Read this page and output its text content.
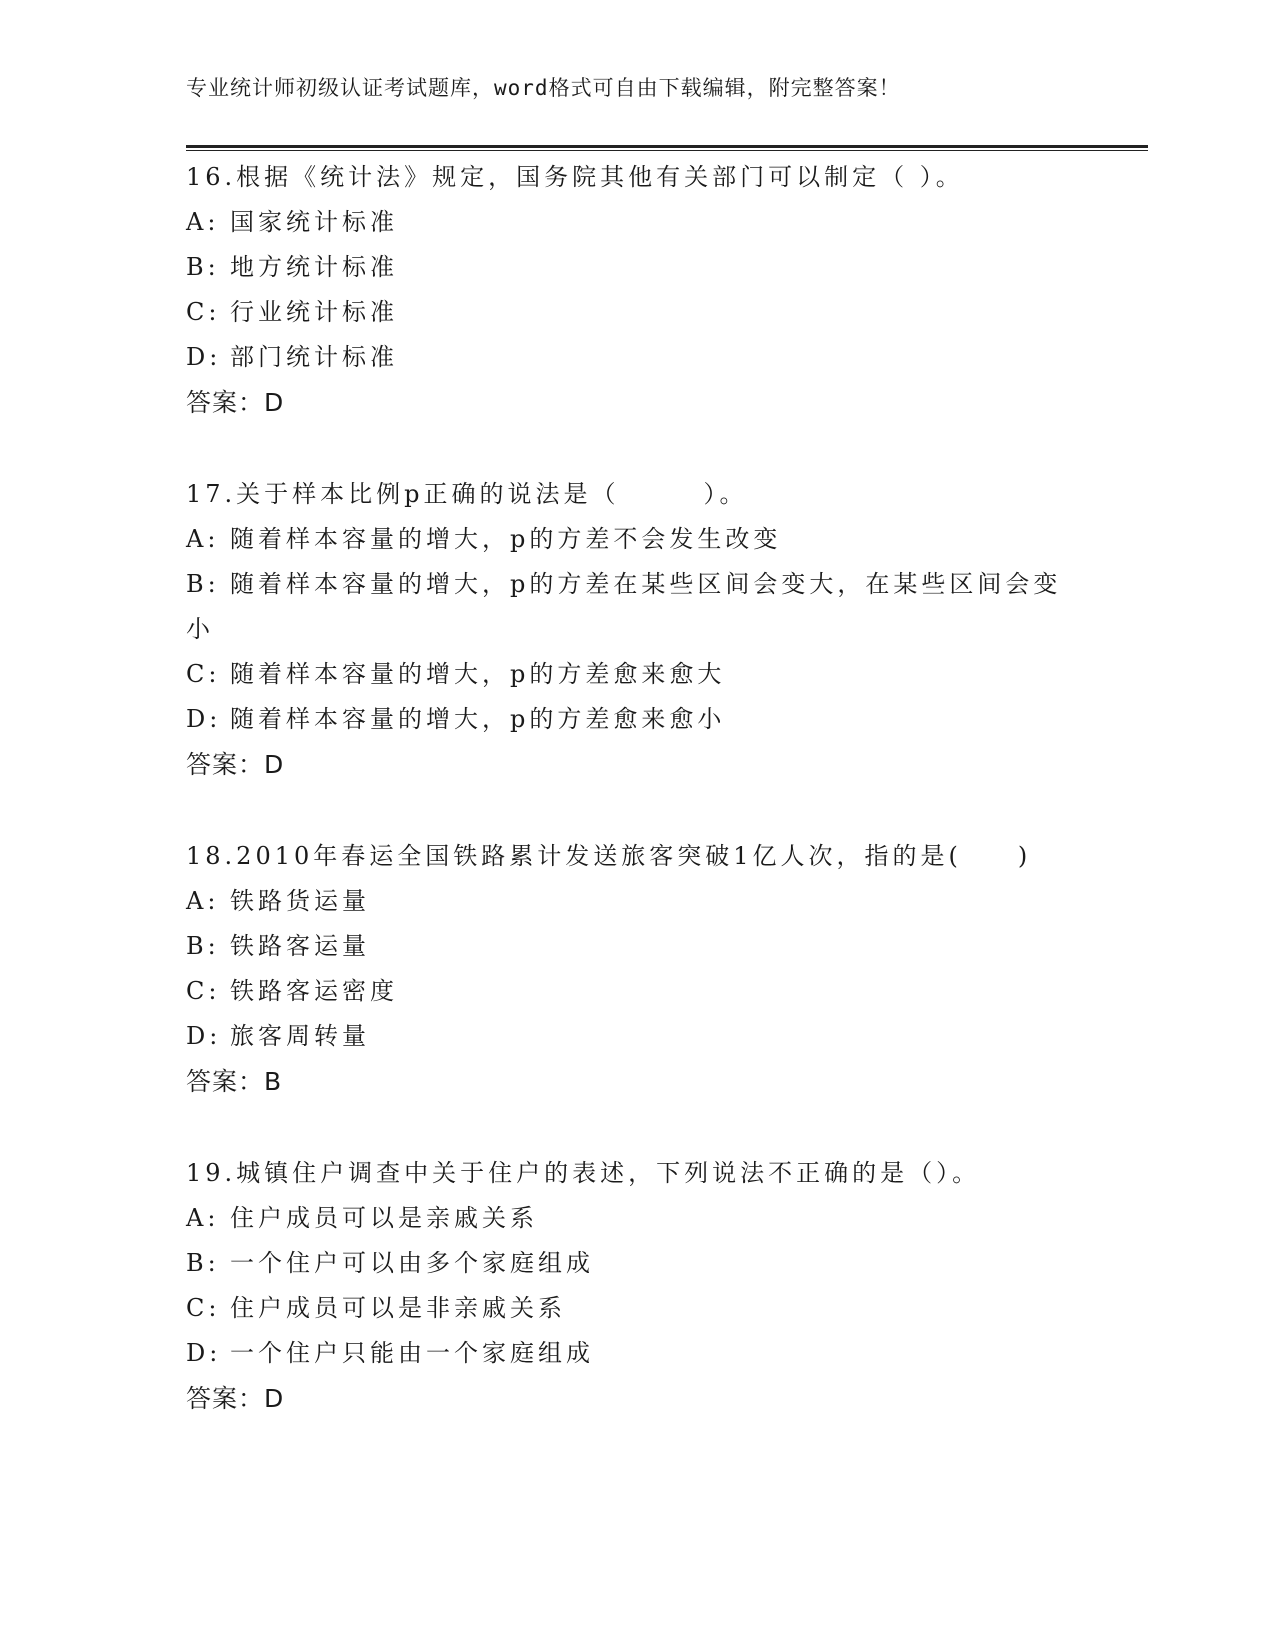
专业统计师初级认证考试题库，word格式可自由下载编辑，附完整答案！
16.根据《统计法》规定，国务院其他有关部门可以制定（ ）。
A: 国家统计标准
B: 地方统计标准
C: 行业统计标准
D: 部门统计标准
答案：D
17.关于样本比例p正确的说法是（　　　）。
A: 随着样本容量的增大，p的方差不会发生改变
B: 随着样本容量的增大，p的方差在某些区间会变大，在某些区间会变小
C: 随着样本容量的增大，p的方差愈来愈大
D: 随着样本容量的增大，p的方差愈来愈小
答案：D
18.2010年春运全国铁路累计发送旅客突破1亿人次，指的是(　　)
A: 铁路货运量
B: 铁路客运量
C: 铁路客运密度
D: 旅客周转量
答案：B
19.城镇住户调查中关于住户的表述，下列说法不正确的是（）。
A: 住户成员可以是亲戚关系
B: 一个住户可以由多个家庭组成
C: 住户成员可以是非亲戚关系
D: 一个住户只能由一个家庭组成
答案：D
